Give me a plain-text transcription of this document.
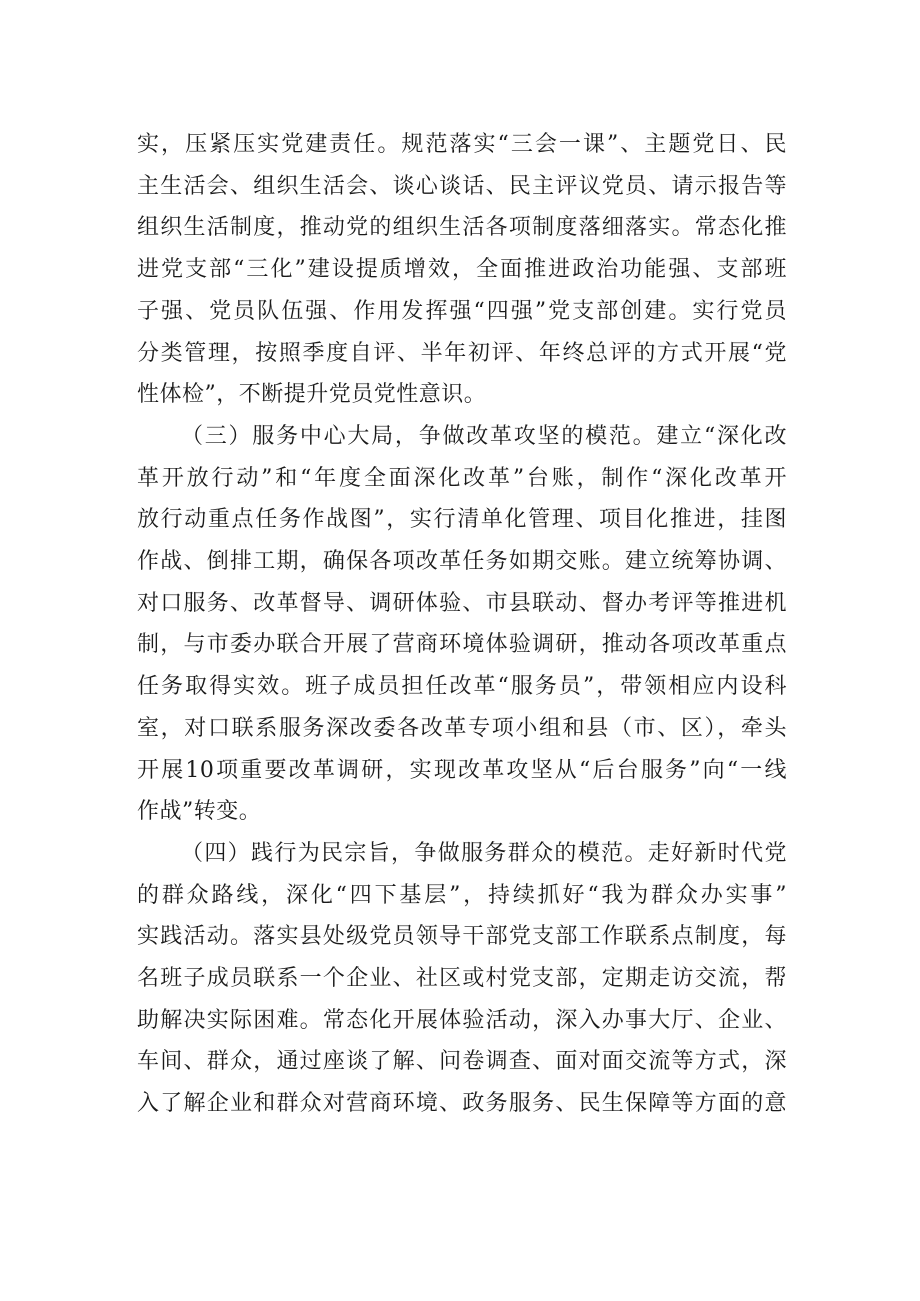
实，压紧压实党建责任。规范落实“三会一课”、主题党日、民
主生活会、组织生活会、谈心谈话、民主评议党员、请示报告等
组织生活制度，推动党的组织生活各项制度落细落实。常态化推
进党支部“三化”建设提质增效，全面推进政治功能强、支部班
子强、党员队伍强、作用发挥强“四强”党支部创建。实行党员
分类管理，按照季度自评、半年初评、年终总评的方式开展“党
性体检”，不断提升党员党性意识。
（三）服务中心大局，争做改革攻坚的模范。建立“深化改
革开放行动”和“年度全面深化改革”台账，制作“深化改革开
放行动重点任务作战图”，实行清单化管理、项目化推进，挂图
作战、倒排工期，确保各项改革任务如期交账。建立统筹协调、
对口服务、改革督导、调研体验、市县联动、督办考评等推进机
制，与市委办联合开展了营商环境体验调研，推动各项改革重点
任务取得实效。班子成员担任改革“服务员”，带领相应内设科
室，对口联系服务深改委各改革专项小组和县（市、区），牵头
开展10项重要改革调研，实现改革攻坚从“后台服务”向“一线
作战”转变。
（四）践行为民宗旨，争做服务群众的模范。走好新时代党
的群众路线，深化“四下基层”，持续抓好“我为群众办实事”
实践活动。落实县处级党员领导干部党支部工作联系点制度，每
名班子成员联系一个企业、社区或村党支部，定期走访交流，帮
助解决实际困难。常态化开展体验活动，深入办事大厅、企业、
车间、群众，通过座谈了解、问卷调查、面对面交流等方式，深
入了解企业和群众对营商环境、政务服务、民生保障等方面的意
